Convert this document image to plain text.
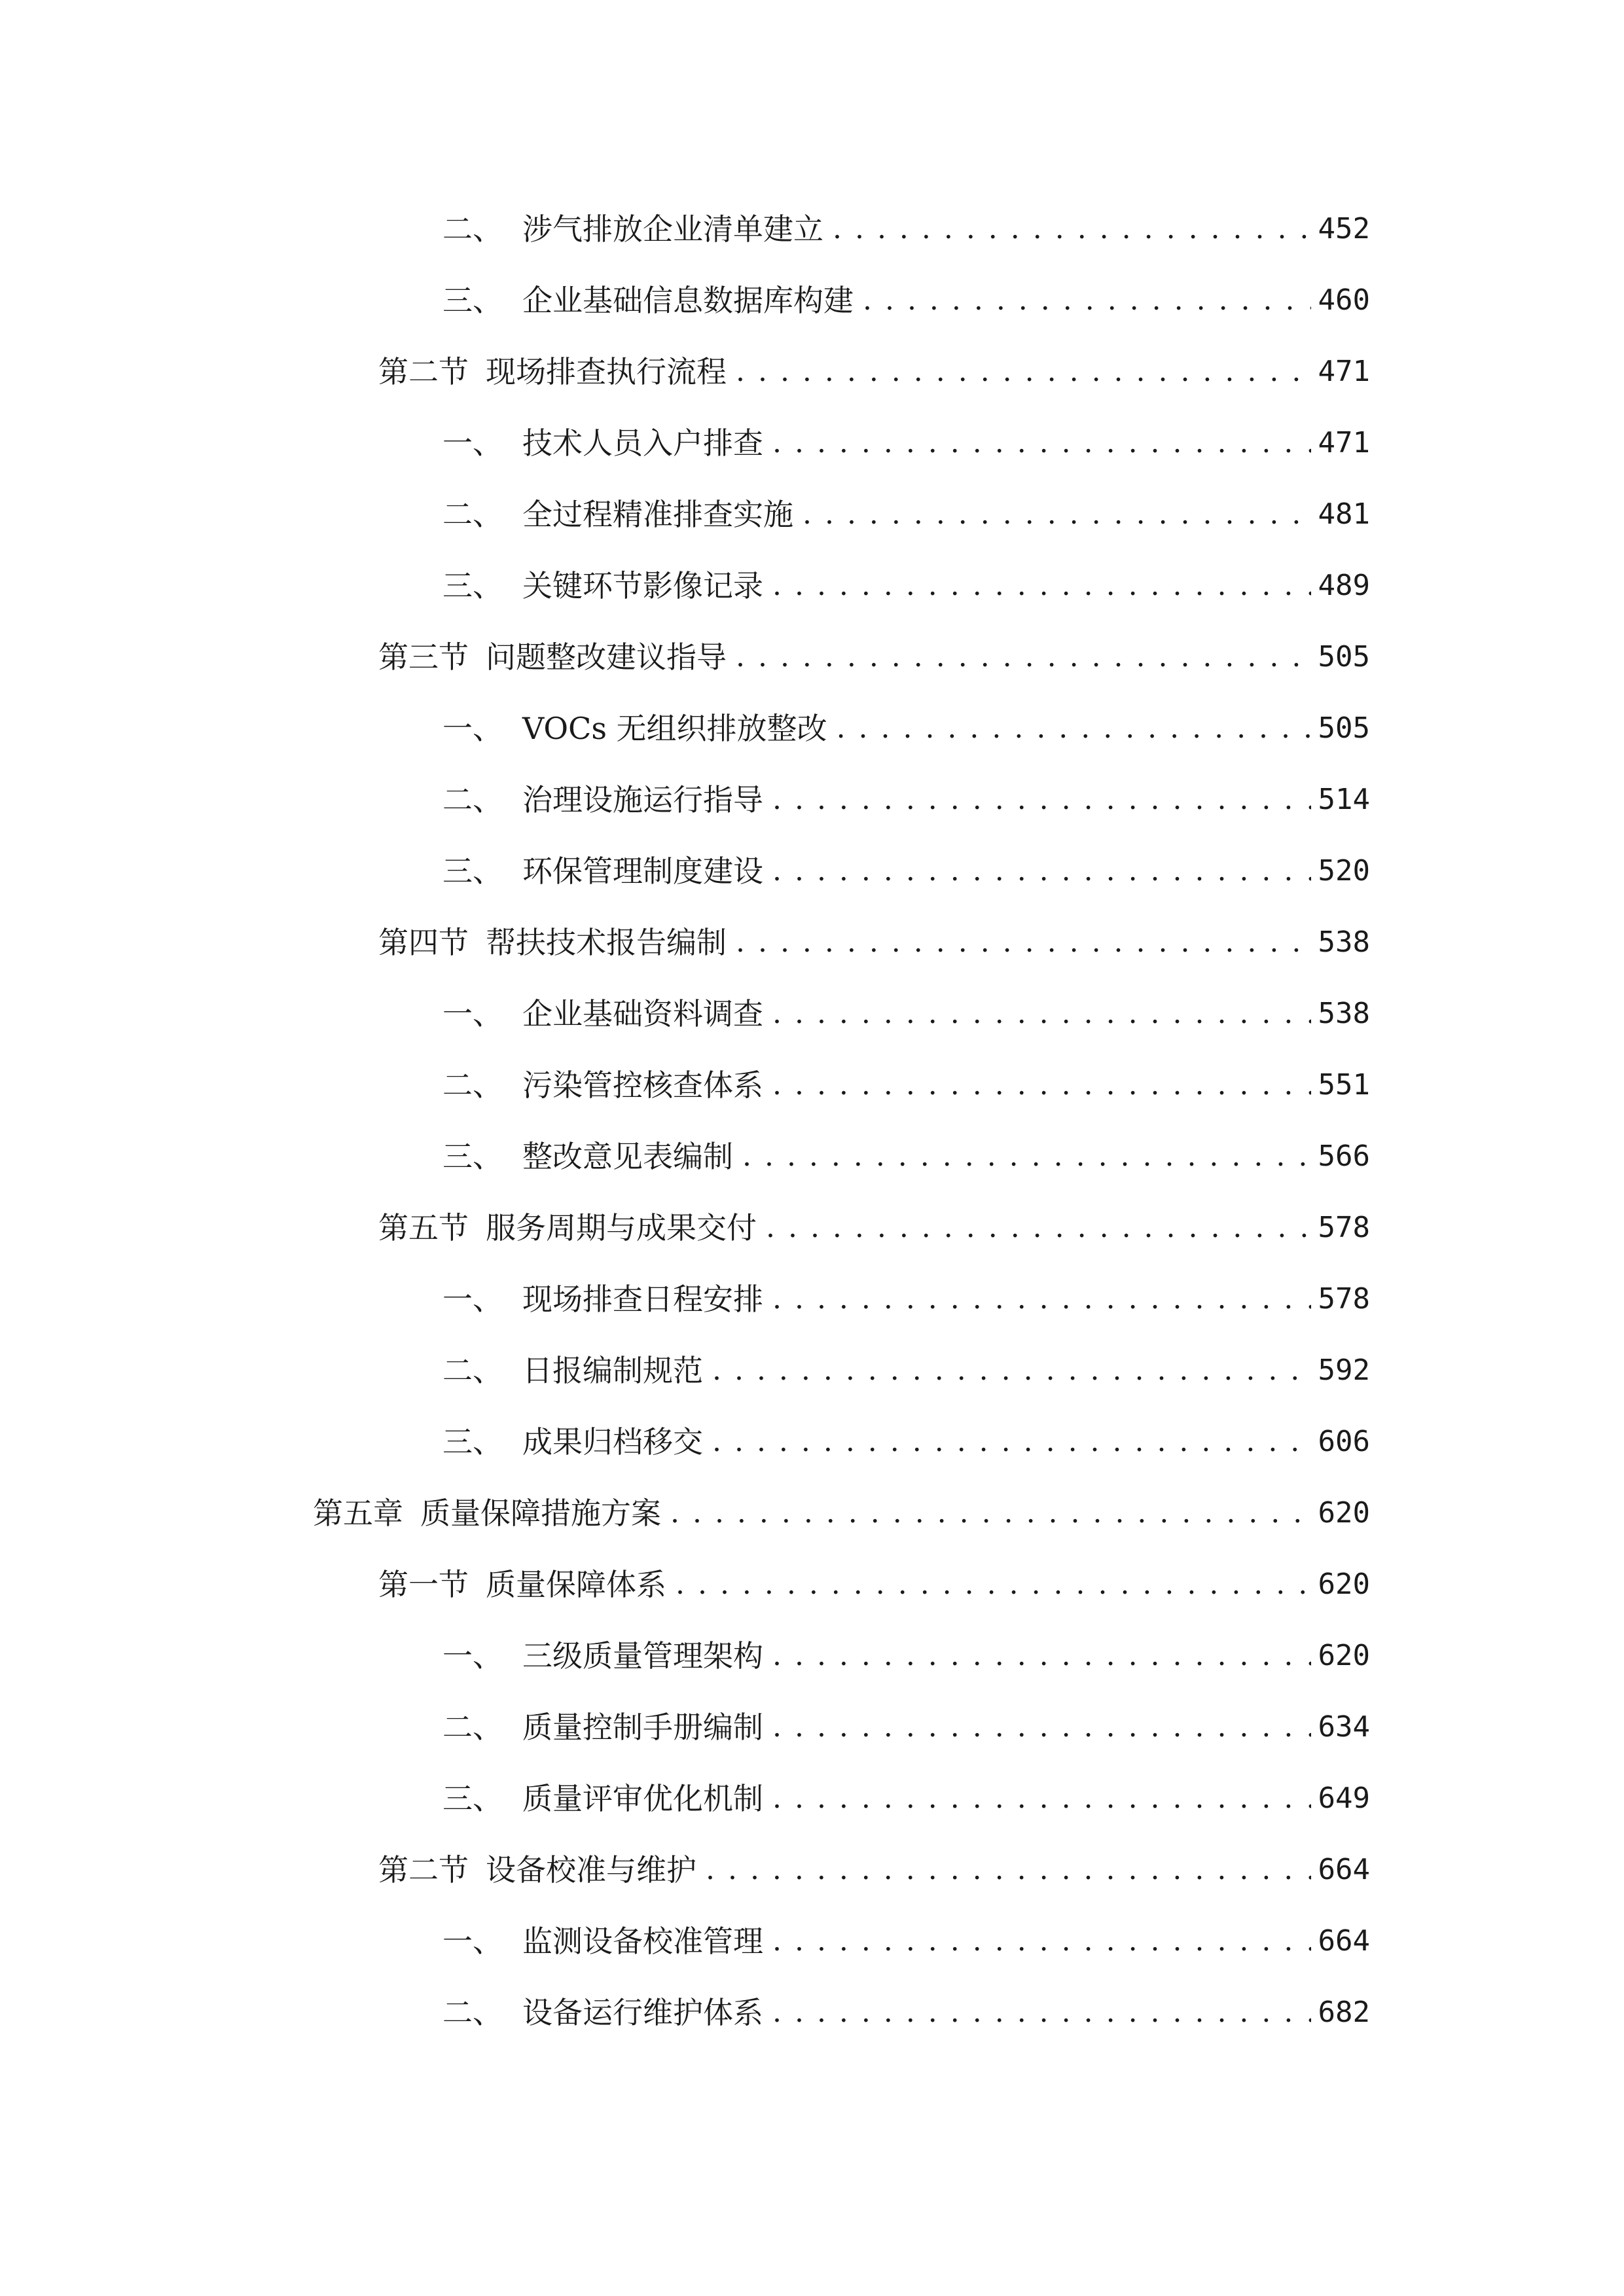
二、 涉气排放企业清单建立 . . .	452
三、 企业基础信息数据库构建 . . .	460
第二节 现场排查执行流程 . . .	471
一、 技术人员入户排查 . . .	471
二、 全过程精准排查实施 . . .	481
三、 关键环节影像记录 . . .	489
第三节 问题整改建议指导 . . .	505
一、 VOCs 无组织排放整改 . . .	505
二、 治理设施运行指导 . . .	514
三、 环保管理制度建设 . . .	520
第四节 帮扶技术报告编制 . . .	538
一、 企业基础资料调查 . . .	538
二、 污染管控核查体系 . . .	551
三、 整改意见表编制 . . .	566
第五节 服务周期与成果交付 . . .	578
一、 现场排查日程安排 . . .	578
二、 日报编制规范 . . .	592
三、 成果归档移交 . . .	606
第五章 质量保障措施方案 . . .	620
第一节 质量保障体系 . . .	620
一、 三级质量管理架构 . . .	620
二、 质量控制手册编制 . . .	634
三、 质量评审优化机制 . . .	649
第二节 设备校准与维护 . . .	664
一、 监测设备校准管理 . . .	664
二、 设备运行维护体系 . . .	682
